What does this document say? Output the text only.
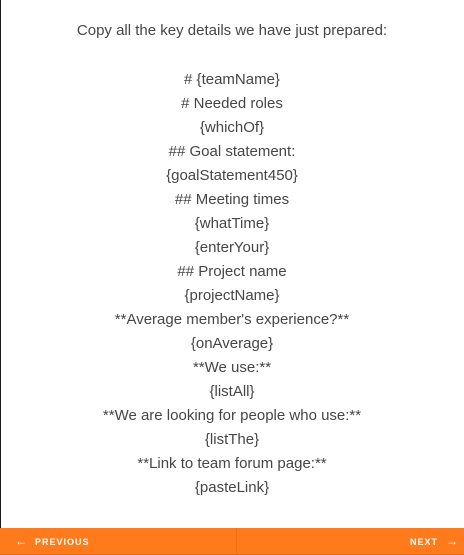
Copy all the key details we have just prepared:
# {teamName}
# Needed roles
{whichOf}
## Goal statement:
{goalStatement450}
## Meeting times
{whatTime}
{enterYour}
## Project name
{projectName}
**Average member's experience?**
{onAverage}
**We use:**
{listAll}
**We are looking for people who use:**
{listThe}
**Link to team forum page:**
{pasteLink}
← PREVIOUS	NEXT →
